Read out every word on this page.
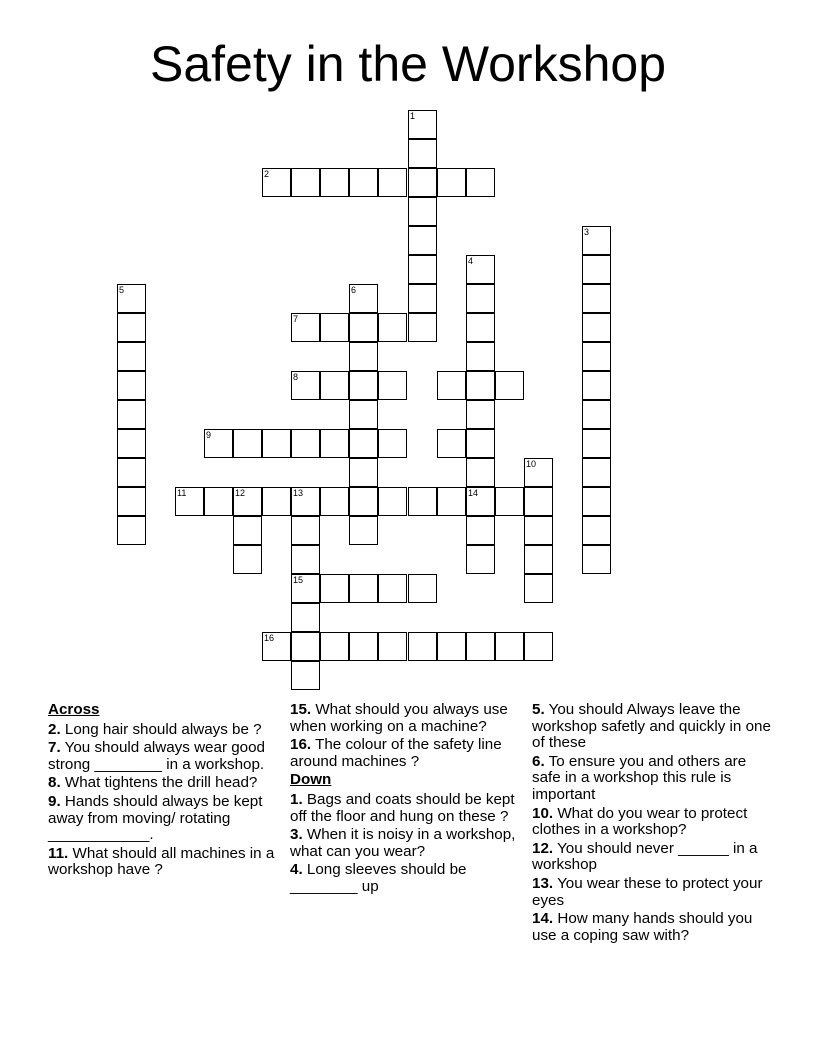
Safety in the Workshop
1
2
3
4
14
5	6
7
8
9
10
11	12	13
15
16
Across
2. Long hair should always be ?
7. You should always wear good strong ________ in a workshop.
8. What tightens the drill head?
9. Hands should always be kept away from moving/ rotating ____________.
11. What should all machines in a workshop have ?
15. What should you always use when working on a machine?
16. The colour of the safety line around machines ?
Down
1. Bags and coats should be kept off the floor and hung on these ?
3. When it is noisy in a workshop, what can you wear?
4. Long sleeves should be ________ up
5. You should Always leave the workshop safetly and quickly in one of these
6. To ensure you and others are safe in a workshop this rule is important
10. What do you wear to protect clothes in a workshop?
12. You should never ______ in a workshop
13. You wear these to protect your eyes
14. How many hands should you use a coping saw with?
